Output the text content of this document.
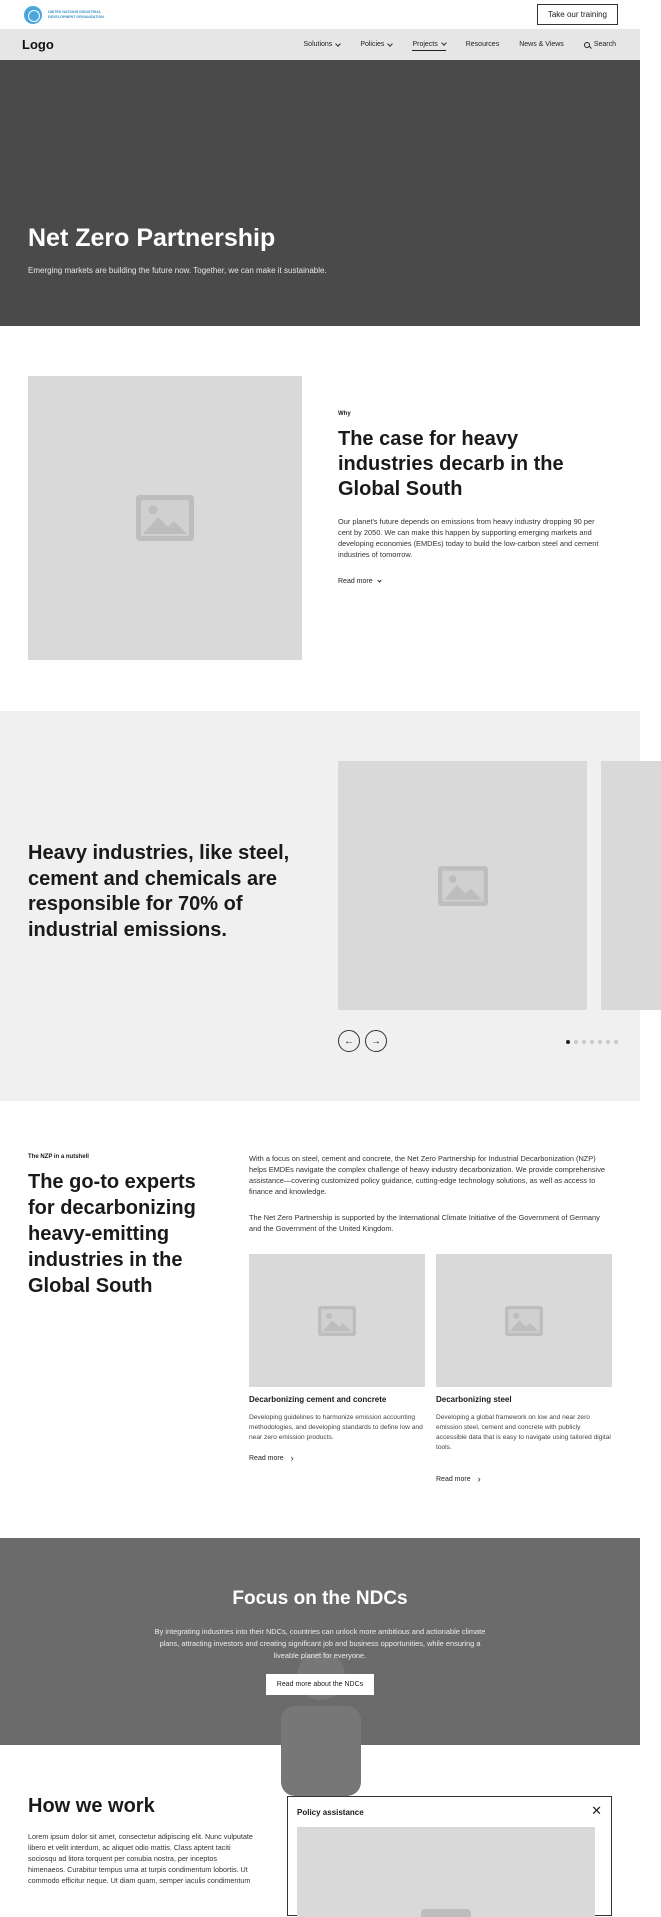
UNITED NATIONS INDUSTRIAL DEVELOPMENT ORGANIZATION	Take our training
Logo	Solutions	Policies	Projects	Resources	News & Views	Search
Net Zero Partnership
Emerging markets are building the future now. Together, we can make it sustainable.
Why
The case for heavy industries decarb in the Global South
Our planet's future depends on emissions from heavy industry dropping 90 per cent by 2050. We can make this happen by supporting emerging markets and developing economies (EMDEs) today to build the low-carbon steel and cement industries of tomorrow.
Read more
Heavy industries, like steel, cement and chemicals are responsible for 70% of industrial emissions.
← →
The NZP in a nutshell
The go-to experts for decarbonizing heavy-emitting industries in the Global South
With a focus on steel, cement and concrete, the Net Zero Partnership for Industrial Decarbonization (NZP) helps EMDEs navigate the complex challenge of heavy industry decarbonization. We provide comprehensive assistance—covering customized policy guidance, cutting-edge technology solutions, as well as access to finance and knowledge.
The Net Zero Partnership is supported by the International Climate Initiative of the Government of Germany and the Government of the United Kingdom.
Decarbonizing cement and concrete
Developing guidelines to harmonize emission accounting methodologies, and developing standards to define low and near zero emission products.
Read more ›
Decarbonizing steel
Developing a global framework on low and near zero emission steel, cement and concrete with publicly accessible data that is easy to navigate using tailored digital tools.
Read more ›
Focus on the NDCs
By integrating industries into their NDCs, countries can unlock more ambitious and actionable climate plans, attracting investors and creating significant job and business opportunities, while ensuring a liveable planet for everyone.
Read more about the NDCs
How we work
Lorem ipsum dolor sit amet, consectetur adipiscing elit. Nunc vulputate libero et velit interdum, ac aliquet odio mattis. Class aptent taciti sociosqu ad litora torquent per conubia nostra, per inceptos himenaeos. Curabitur tempus urna at turpis condimentum lobortis. Ut commodo efficitur neque. Ut diam quam, semper iaculis condimentum
Policy assistance	✕
